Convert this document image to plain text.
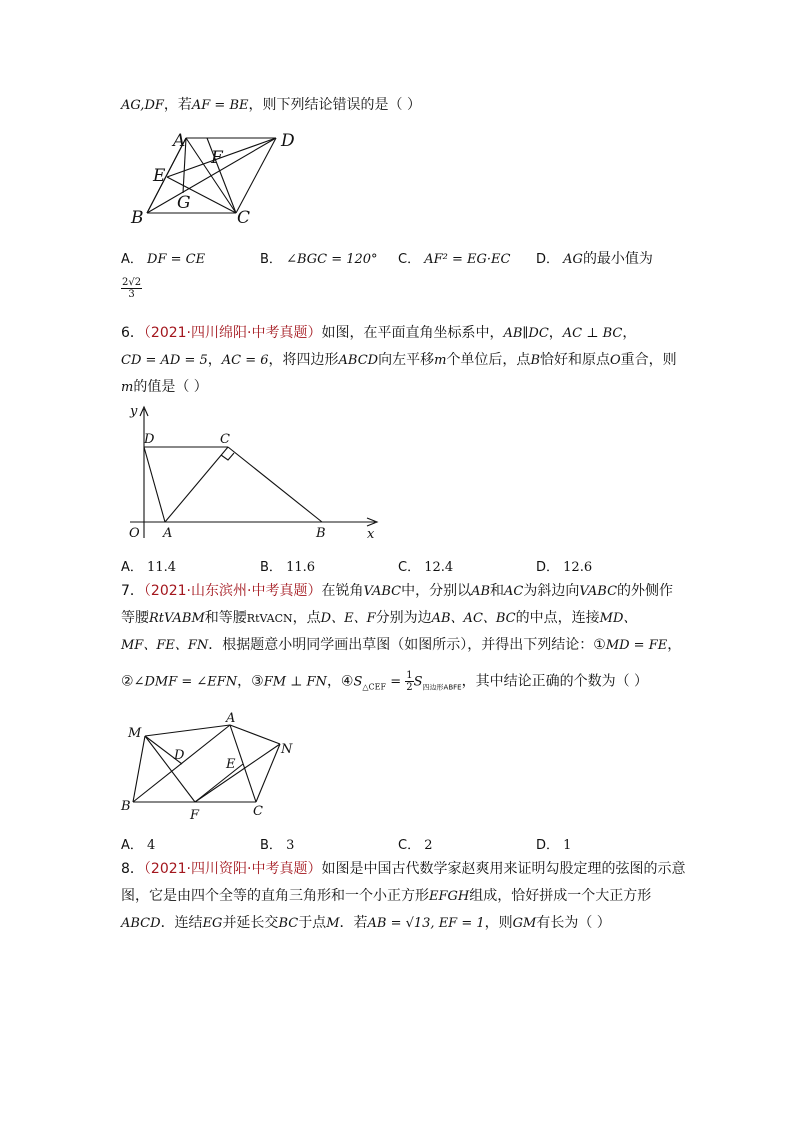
AG,DF，若AF = BE，则下列结论错误的是（ ）
A	D
F
E
G
B	C
A． DF = CE	B． ∠BGC = 120° C． AF² = EG·EC D． AG的最小值为
$\frac{2√2}{3}$
6．（2021·四川绵阳·中考真题）如图，在平面直角坐标系中，AB∥DC，AC ⊥ BC，
CD = AD = 5，AC = 6，将四边形ABCD向左平移m个单位后，点B恰好和原点O重合，则
m的值是（ ）
y
x
O
D	C
A	B
A． 11.4	B． 11.6	C． 12.4	D． 12.6
7．（2021·山东滨州·中考真题）在锐角VABC中，分别以AB和AC为斜边向VABC的外侧作
等腰RtVABM和等腰RtVACN，点D、E、F分别为边AB、AC、BC的中点，连接MD、
MF、FE、FN．根据题意小明同学画出草图（如图所示），并得出下列结论：①MD = FE，
②∠DMF = ∠EFN，③FM ⊥ FN，$④S_{\triangle CEF} = \frac{1}{2} S_{四边形ABFE}$，其中结论正确的个数为（ ）
M
A
N
D
E
B
F	C
A． 4	B． 3	C． 2	D． 1
8．（2021·四川资阳·中考真题）如图是中国古代数学家赵爽用来证明勾股定理的弦图的示意
图，它是由四个全等的直角三角形和一个小正方形EFGH组成，恰好拼成一个大正方形
ABCD．连结EG并延长交BC于点M．若AB = √13, EF = 1，则GM有长为（ ）
